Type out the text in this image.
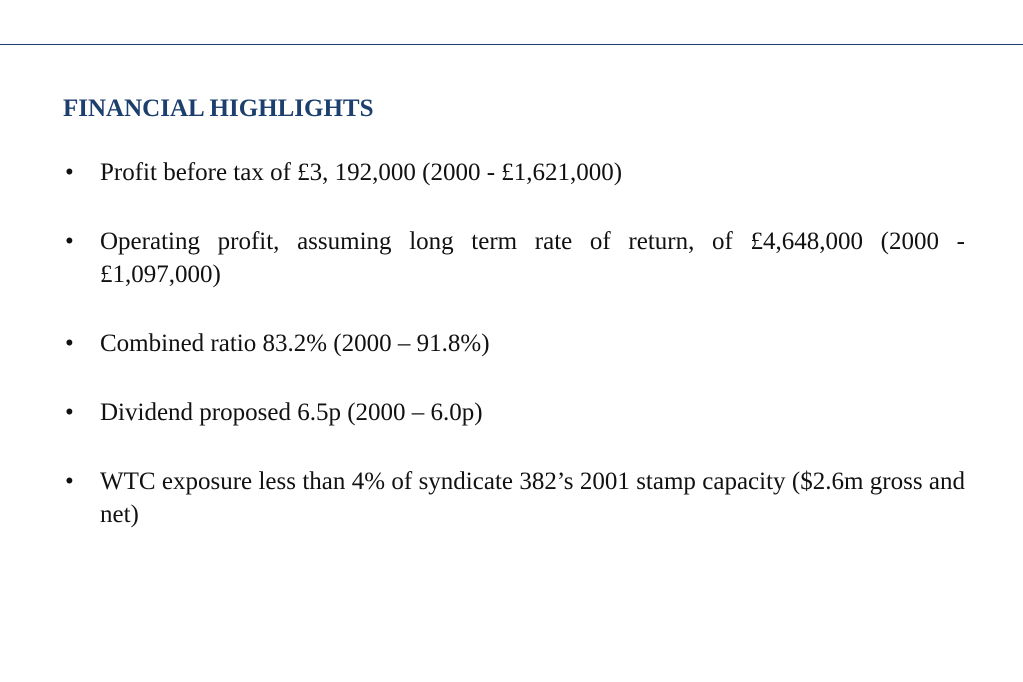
FINANCIAL HIGHLIGHTS
• Profit before tax of £3, 192,000 (2000 - £1,621,000)
• Operating profit, assuming long term rate of return, of £4,648,000 (2000 - £1,097,000)
• Combined ratio 83.2% (2000 – 91.8%)
• Dividend proposed 6.5p (2000 – 6.0p)
• WTC exposure less than 4% of syndicate 382’s 2001 stamp capacity ($2.6m gross and net)
